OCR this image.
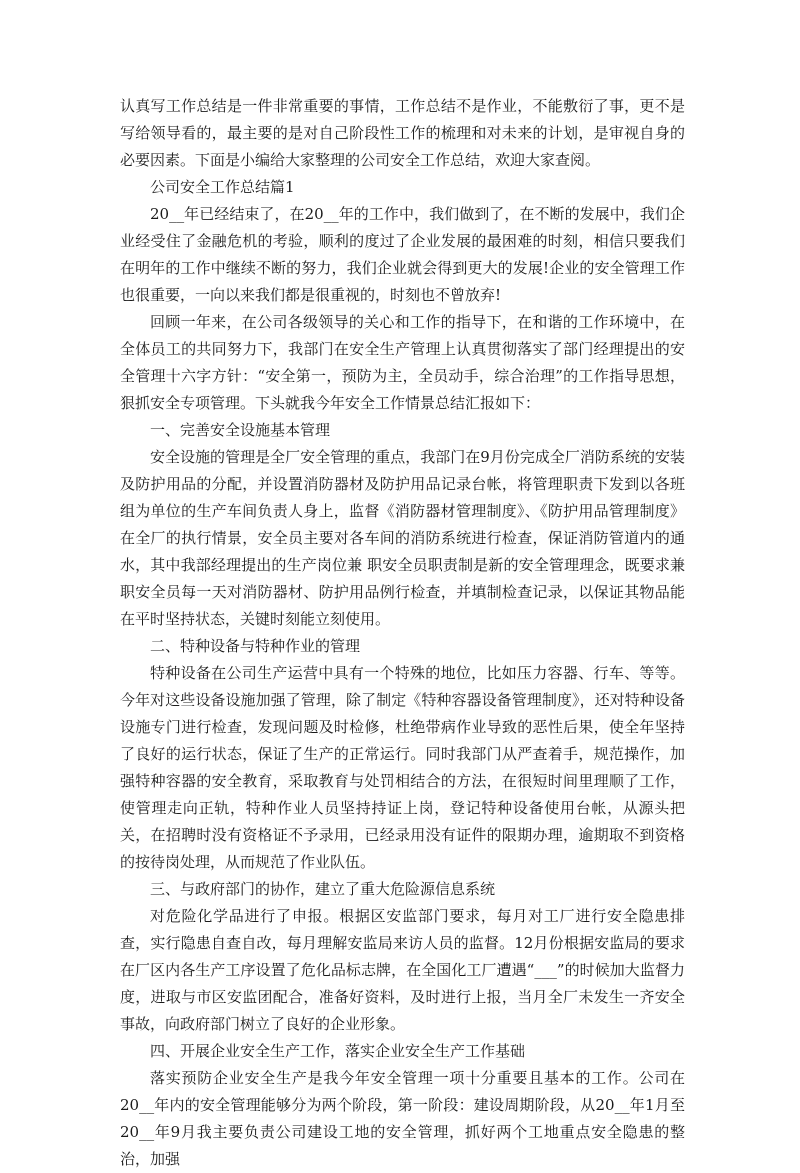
认真写工作总结是一件非常重要的事情，工作总结不是作业，不能敷衍了事，更不是写给领导看的，最主要的是对自己阶段性工作的梳理和对未来的计划，是审视自身的必要因素。下面是小编给大家整理的公司安全工作总结，欢迎大家查阅。

公司安全工作总结篇1

20__年已经结束了，在20__年的工作中，我们做到了，在不断的发展中，我们企业经受住了金融危机的考验，顺利的度过了企业发展的最困难的时刻，相信只要我们在明年的工作中继续不断的努力，我们企业就会得到更大的发展!企业的安全管理工作也很重要，一向以来我们都是很重视的，时刻也不曾放弃!

回顾一年来，在公司各级领导的关心和工作的指导下，在和谐的工作环境中，在全体员工的共同努力下，我部门在安全生产管理上认真贯彻落实了部门经理提出的安全管理十六字方针：“安全第一，预防为主，全员动手，综合治理”的工作指导思想，狠抓安全专项管理。下头就我今年安全工作情景总结汇报如下：

一、完善安全设施基本管理

安全设施的管理是全厂安全管理的重点，我部门在9月份完成全厂消防系统的安装及防护用品的分配，并设置消防器材及防护用品记录台帐，将管理职责下发到以各班组为单位的生产车间负责人身上，监督《消防器材管理制度》、《防护用品管理制度》在全厂的执行情景，安全员主要对各车间的消防系统进行检查，保证消防管道内的通水，其中我部经理提出的生产岗位兼 职安全员职责制是新的安全管理理念，既要求兼 职安全员每一天对消防器材、防护用品例行检查，并填制检查记录，以保证其物品能在平时坚持状态，关键时刻能立刻使用。

二、特种设备与特种作业的管理

特种设备在公司生产运营中具有一个特殊的地位，比如压力容器、行车、等等。今年对这些设备设施加强了管理，除了制定《特种容器设备管理制度》，还对特种设备设施专门进行检查，发现问题及时检修，杜绝带病作业导致的恶性后果，使全年坚持了良好的运行状态，保证了生产的正常运行。同时我部门从严查着手，规范操作，加强特种容器的安全教育，采取教育与处罚相结合的方法，在很短时间里理顺了工作，使管理走向正轨，特种作业人员坚持持证上岗，登记特种设备使用台帐，从源头把关，在招聘时没有资格证不予录用，已经录用没有证件的限期办理，逾期取不到资格的按待岗处理，从而规范了作业队伍。

三、与政府部门的协作，建立了重大危险源信息系统

对危险化学品进行了申报。根据区安监部门要求，每月对工厂进行安全隐患排查，实行隐患自查自改，每月理解安监局来访人员的监督。12月份根据安监局的要求在厂区内各生产工序设置了危化品标志牌，在全国化工厂遭遇“___”的时候加大监督力度，进取与市区安监团配合，准备好资料，及时进行上报，当月全厂未发生一齐安全事故，向政府部门树立了良好的企业形象。

四、开展企业安全生产工作，落实企业安全生产工作基础

落实预防企业安全生产是我今年安全管理一项十分重要且基本的工作。公司在20__年内的安全管理能够分为两个阶段，第一阶段：建设周期阶段，从20__年1月至20__年9月我主要负责公司建设工地的安全管理，抓好两个工地重点安全隐患的整治，加强
